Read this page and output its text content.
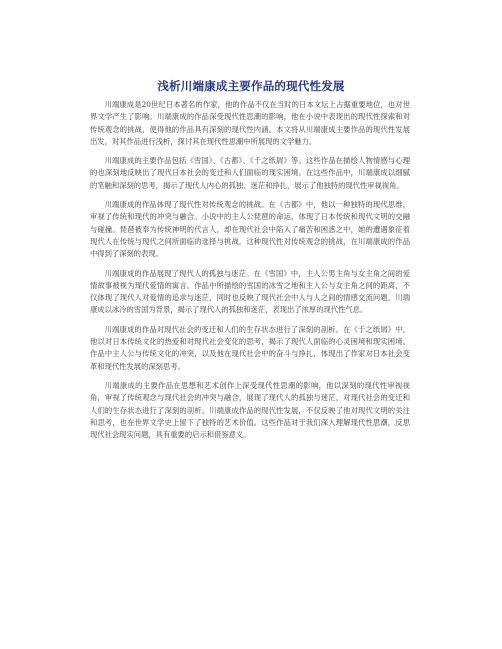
浅析川端康成主要作品的现代性发展

川端康成是20世纪日本著名的作家，他的作品不仅在当时的日本文坛上占据重要地位，也对世界文学产生了影响。川端康成的作品深受现代性思潮的影响，他在小说中表现出的现代性探索和对传统观念的挑战，使得他的作品具有深刻的现代性内涵。本文将从川端康成主要作品的现代性发展出发，对其作品进行浅析，探讨其在现代性思潮中所展现的文学魅力。

川端康成的主要作品包括《雪国》、《古都》、《千之纸屑》等。这些作品在描绘人物情感与心理的也深刻地反映出了现代日本社会的变迁和人们面临的现实困境。在这些作品中，川端康成以细腻的笔触和深刻的思考，揭示了现代人内心的孤独、迷茫和挣扎，展示了他独特的现代性审视视角。

川端康成的作品体现了现代性对传统观念的挑战。在《古都》中，他以一种独特的现代思维，审视了传统和现代的冲突与融合。小说中的主人公琵琶的命运，体现了日本传统和现代文明的交融与碰撞。琵琶被奉为传统神明的代言人，却在现代社会中陷入了痛苦和困惑之中，她的遭遇象征着现代人在传统与现代之间所面临的选择与挑战。这种现代性对传统观念的挑战，在川端康成的作品中得到了深刻的表现。

川端康成的作品展现了现代人的孤独与迷茫。在《雪国》中，主人公男主角与女主角之间的爱情故事被视为现代爱情的寓言。作品中所描绘的雪国的冰雪之地和主人公与女主角之间的距离，不仅体现了现代人对爱情的追求与迷茫，同时也反映了现代社会中人与人之间的情感交流问题。川端康成以冰冷的雪国为背景，揭示了现代人的孤独和迷茫，表现出了浓厚的现代性气息。

川端康成的作品对现代社会的变迁和人们的生存状态进行了深刻的剖析。在《千之纸屑》中，他以对日本传统文化的热爱和对现代社会变化的思考，揭示了现代人面临的心灵困境和现实困境。作品中主人公与传统文化的冲突，以及他在现代社会中的奋斗与挣扎，体现出了作家对日本社会变革和现代性发展的深刻思考。

川端康成的主要作品在思想和艺术创作上深受现代性思潮的影响，他以深刻的现代性审视视角，审视了传统观念与现代社会的冲突与融合，展现了现代人的孤独与迷茫，对现代社会的变迁和人们的生存状态进行了深刻的剖析。川端康成作品的现代性发展，不仅反映了他对现代文明的关注和思考，也在世界文学史上留下了独特的艺术价值。这些作品对于我们深入理解现代性思潮，反思现代社会现实问题，具有重要的启示和借鉴意义。
